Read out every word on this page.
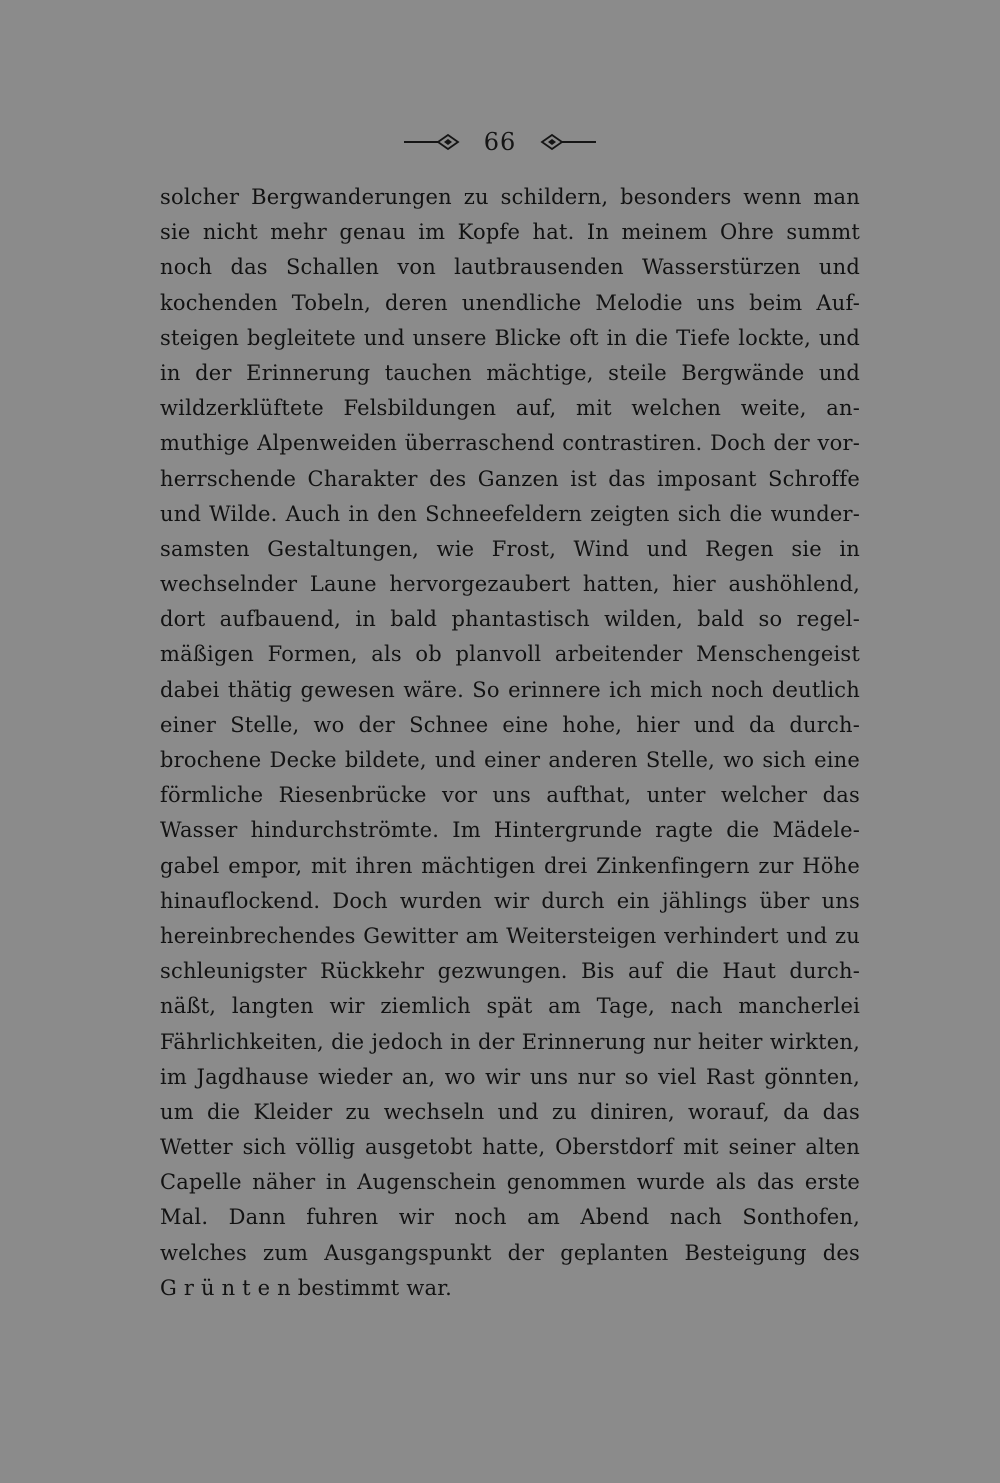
66
solcher Bergwanderungen zu schildern, besonders wenn man
sie nicht mehr genau im Kopfe hat. In meinem Ohre summt
noch das Schallen von lautbrausenden Wasserstürzen und
kochenden Tobeln, deren unendliche Melodie uns beim Auf-
steigen begleitete und unsere Blicke oft in die Tiefe lockte, und
in der Erinnerung tauchen mächtige, steile Bergwände und
wildzerklüftete Felsbildungen auf, mit welchen weite, an-
muthige Alpenweiden überraschend contrastiren. Doch der vor-
herrschende Charakter des Ganzen ist das imposant Schroffe
und Wilde. Auch in den Schneefeldern zeigten sich die wunder-
samsten Gestaltungen, wie Frost, Wind und Regen sie in
wechselnder Laune hervorgezaubert hatten, hier aushöhlend,
dort aufbauend, in bald phantastisch wilden, bald so regel-
mäßigen Formen, als ob planvoll arbeitender Menschengeist
dabei thätig gewesen wäre. So erinnere ich mich noch deutlich
einer Stelle, wo der Schnee eine hohe, hier und da durch-
brochene Decke bildete, und einer anderen Stelle, wo sich eine
förmliche Riesenbrücke vor uns aufthat, unter welcher das
Wasser hindurchströmte. Im Hintergrunde ragte die Mädele-
gabel empor, mit ihren mächtigen drei Zinkenfingern zur Höhe
hinauflockend. Doch wurden wir durch ein jählings über uns
hereinbrechendes Gewitter am Weitersteigen verhindert und zu
schleunigster Rückkehr gezwungen. Bis auf die Haut durch-
näßt, langten wir ziemlich spät am Tage, nach mancherlei
Fährlichkeiten, die jedoch in der Erinnerung nur heiter wirkten,
im Jagdhause wieder an, wo wir uns nur so viel Rast gönnten,
um die Kleider zu wechseln und zu diniren, worauf, da das
Wetter sich völlig ausgetobt hatte, Oberstdorf mit seiner alten
Capelle näher in Augenschein genommen wurde als das erste
Mal. Dann fuhren wir noch am Abend nach Sonthofen,
welches zum Ausgangspunkt der geplanten Besteigung des
G r ü n t e n bestimmt war.
